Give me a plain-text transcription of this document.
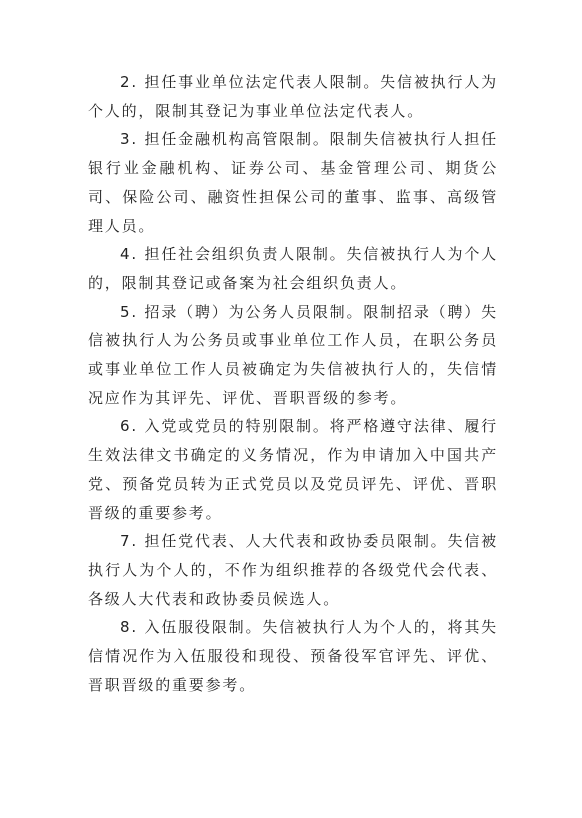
2. 担任事业单位法定代表人限制。失信被执行人为个人的，限制其登记为事业单位法定代表人。

3. 担任金融机构高管限制。限制失信被执行人担任银行业金融机构、证券公司、基金管理公司、期货公司、保险公司、融资性担保公司的董事、监事、高级管理人员。

4. 担任社会组织负责人限制。失信被执行人为个人的，限制其登记或备案为社会组织负责人。

5. 招录（聘）为公务人员限制。限制招录（聘）失信被执行人为公务员或事业单位工作人员，在职公务员或事业单位工作人员被确定为失信被执行人的，失信情况应作为其评先、评优、晋职晋级的参考。

6. 入党或党员的特别限制。将严格遵守法律、履行生效法律文书确定的义务情况，作为申请加入中国共产党、预备党员转为正式党员以及党员评先、评优、晋职晋级的重要参考。

7. 担任党代表、人大代表和政协委员限制。失信被执行人为个人的，不作为组织推荐的各级党代会代表、各级人大代表和政协委员候选人。

8. 入伍服役限制。失信被执行人为个人的，将其失信情况作为入伍服役和现役、预备役军官评先、评优、晋职晋级的重要参考。
